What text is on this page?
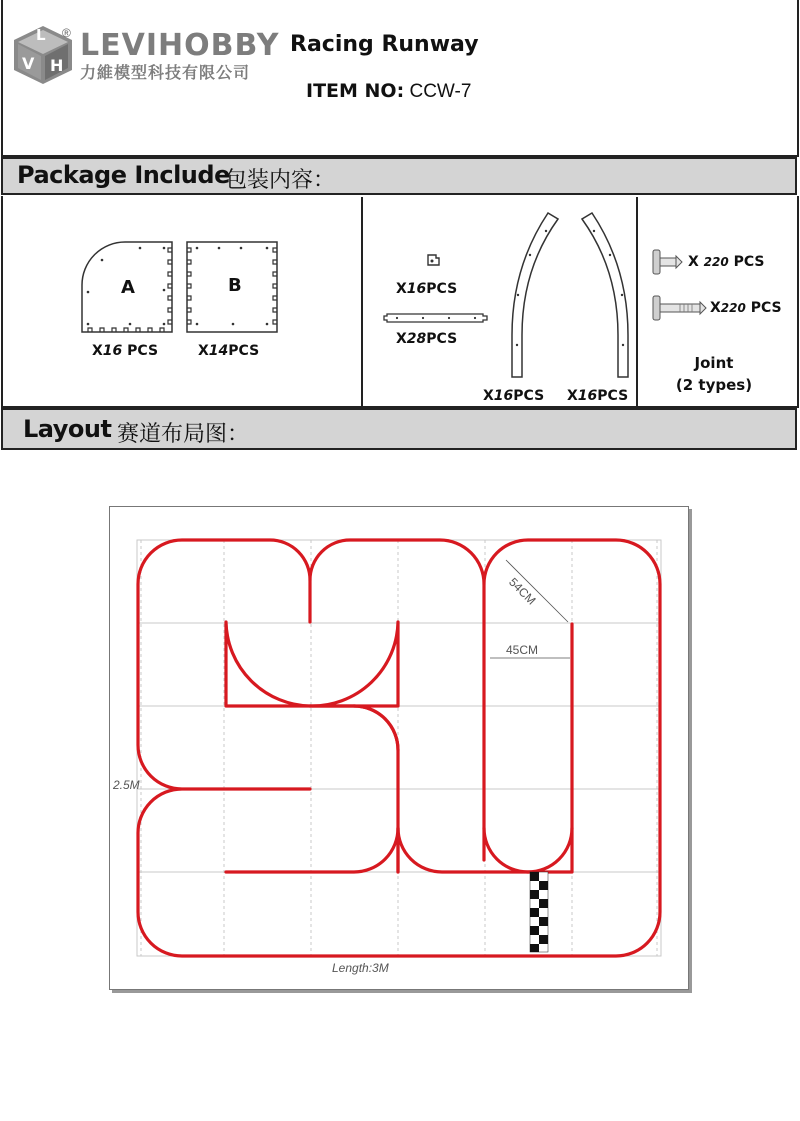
L
V H
® LEVIHOBBY
力維模型科技有限公司
Racing Runway
ITEM NO: CCW-7
Package Include
包装内容：
A
X16 PCS
B
X14PCS
X16PCS
X28PCS
X16PCS X16PCS
X 220 PCS
X220 PCS
Joint
(2 types)
Layout 赛道布局图：
54CM
45CM
2.5M
Length:3M
